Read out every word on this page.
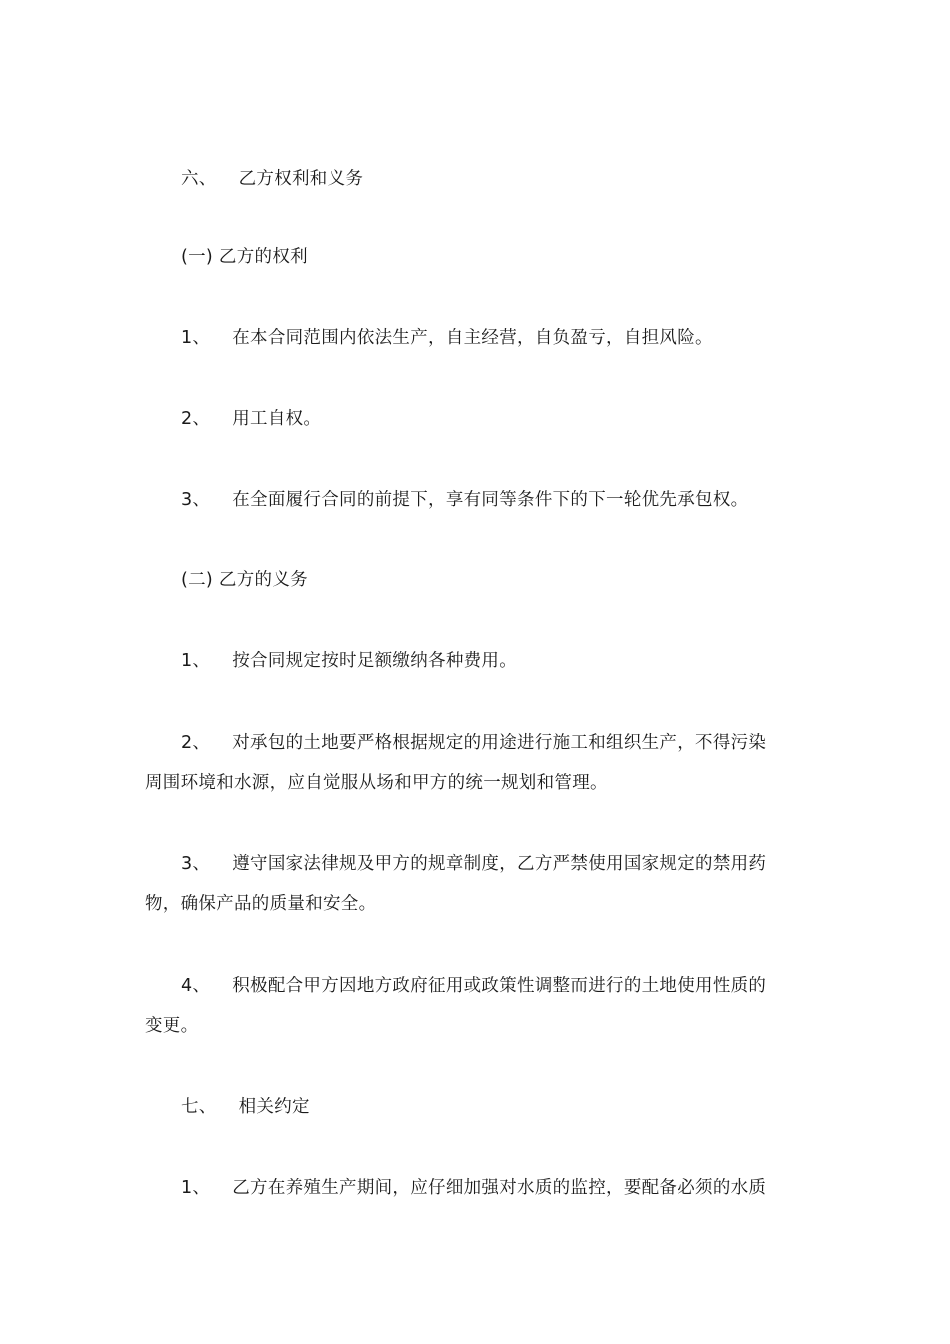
六、 乙方权利和义务

(一) 乙方的权利

1、 在本合同范围内依法生产，自主经营，自负盈亏，自担风险。

2、 用工自权。

3、 在全面履行合同的前提下，享有同等条件下的下一轮优先承包权。

(二) 乙方的义务

1、 按合同规定按时足额缴纳各种费用。

2、 对承包的土地要严格根据规定的用途进行施工和组织生产，不得污染
周围环境和水源，应自觉服从场和甲方的统一规划和管理。

3、 遵守国家法律规及甲方的规章制度，乙方严禁使用国家规定的禁用药
物，确保产品的质量和安全。

4、 积极配合甲方因地方政府征用或政策性调整而进行的土地使用性质的
变更。

七、 相关约定

1、 乙方在养殖生产期间，应仔细加强对水质的监控，要配备必须的水质
